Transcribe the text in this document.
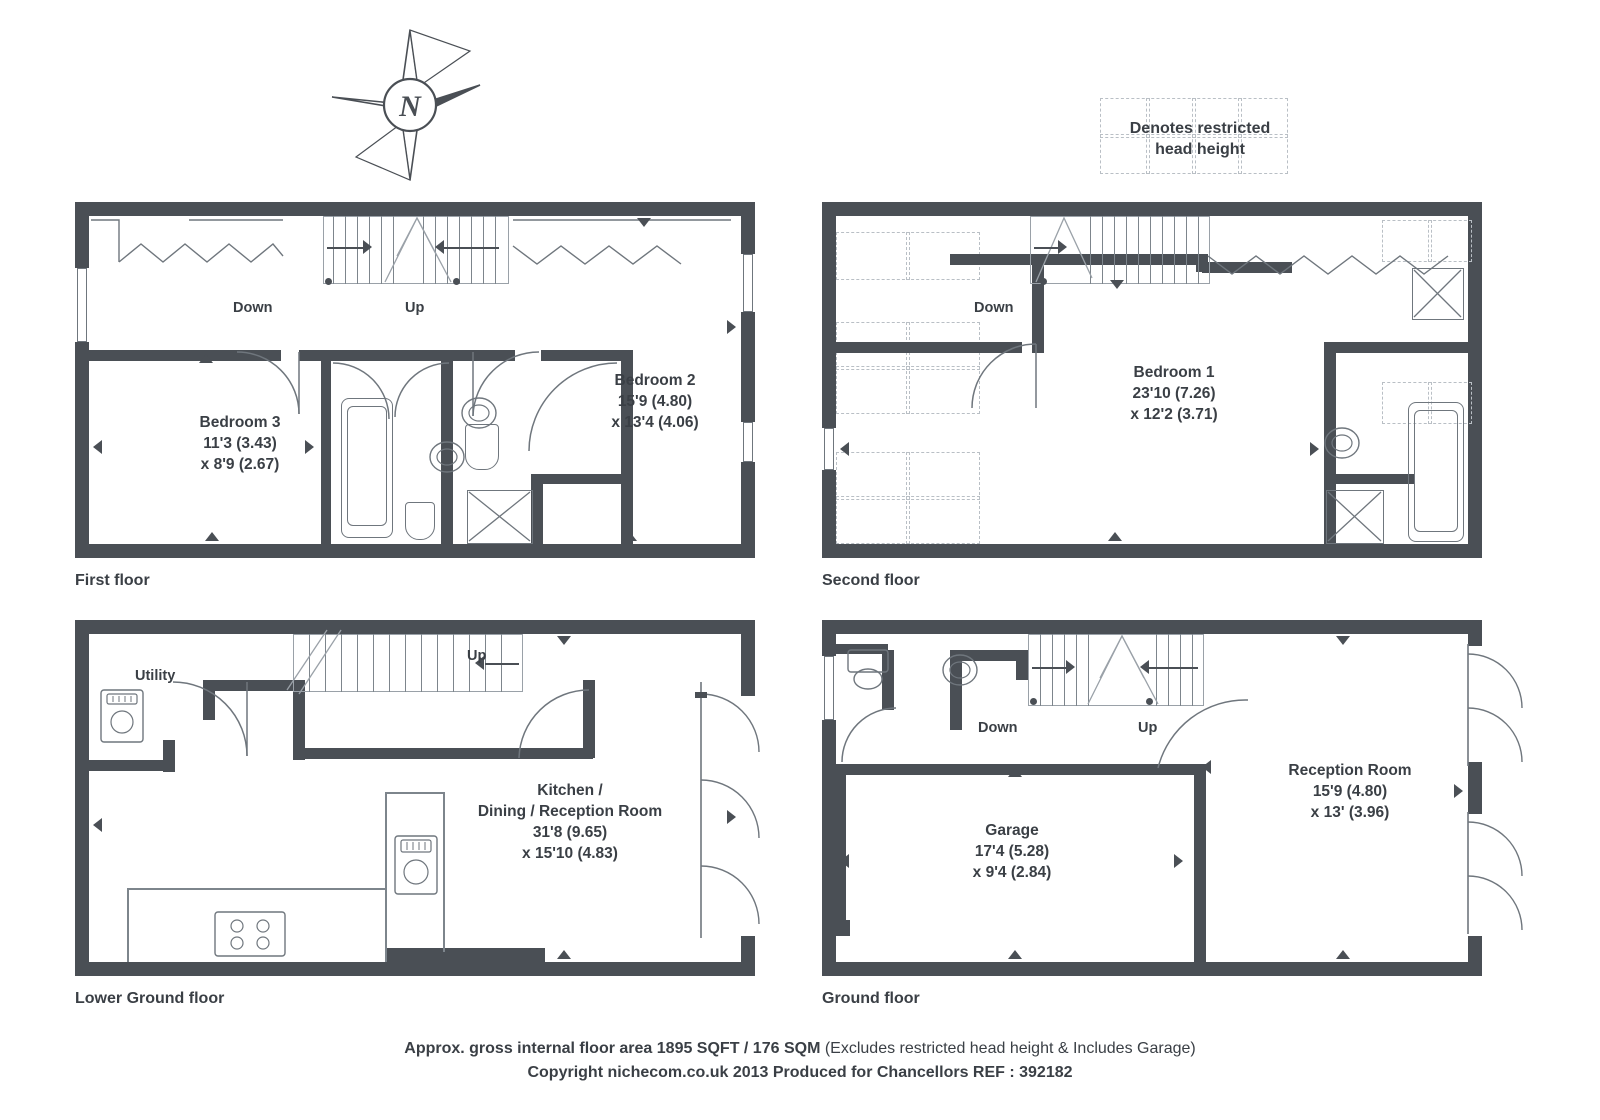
N
Denotes restricted
head height
Down	Up
Bedroom 2
15'9 (4.80)
x 13'4 (4.06)
Bedroom 3
11'3 (3.43)
x 8'9 (2.67)
First floor
Down
Bedroom 1
23'10 (7.26)
x 12'2 (3.71)
Second floor
Up
Utility
Kitchen /
Dining / Reception Room
31'8 (9.65)
x 15'10 (4.83)
Lower Ground floor
Down	Up
Garage
17'4 (5.28)
x 9'4 (2.84)
Reception Room
15'9 (4.80)
x 13' (3.96)
Ground floor
Approx. gross internal floor area 1895 SQFT / 176 SQM (Excludes restricted head height & Includes Garage)
Copyright nichecom.co.uk 2013 Produced for Chancellors REF : 392182
